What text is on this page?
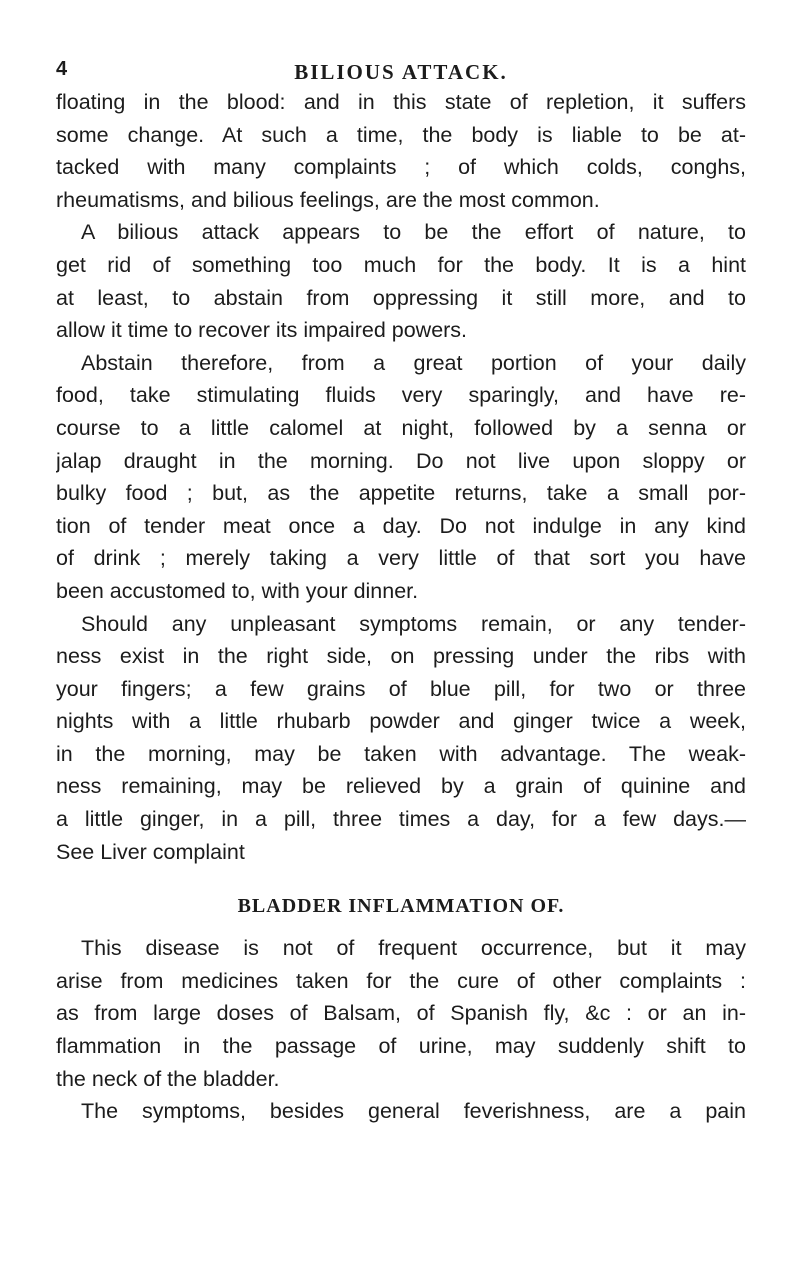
4	BILIOUS ATTACK.
floating in the blood: and in this state of repletion, it suffers
some change. At such a time, the body is liable to be at-
tacked with many complaints ; of which colds, conghs,
rheumatisms, and bilious feelings, are the most common.
A bilious attack appears to be the effort of nature, to
get rid of something too much for the body. It is a hint
at least, to abstain from oppressing it still more, and to
allow it time to recover its impaired powers.
Abstain therefore, from a great portion of your daily
food, take stimulating fluids very sparingly, and have re-
course to a little calomel at night, followed by a senna or
jalap draught in the morning. Do not live upon sloppy or
bulky food ; but, as the appetite returns, take a small por-
tion of tender meat once a day. Do not indulge in any kind
of drink ; merely taking a very little of that sort you have
been accustomed to, with your dinner.
Should any unpleasant symptoms remain, or any tender-
ness exist in the right side, on pressing under the ribs with
your fingers; a few grains of blue pill, for two or three
nights with a little rhubarb powder and ginger twice a week,
in the morning, may be taken with advantage. The weak-
ness remaining, may be relieved by a grain of quinine and
a little ginger, in a pill, three times a day, for a few days.—
See Liver complaint
BLADDER INFLAMMATION OF.
This disease is not of frequent occurrence, but it may
arise from medicines taken for the cure of other complaints :
as from large doses of Balsam, of Spanish fly, &c : or an in-
flammation in the passage of urine, may suddenly shift to
the neck of the bladder.
The symptoms, besides general feverishness, are a pain
